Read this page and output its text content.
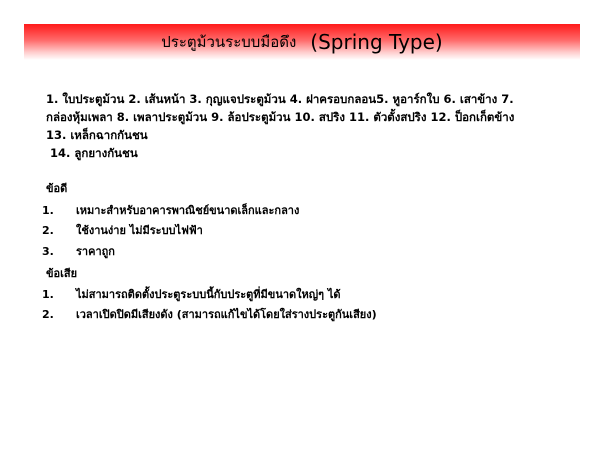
ประตูม้วนระบบมือดึง (Spring Type)
1. ใบประตูม้วน 2. เส้นหน้า 3. กุญแจประตูม้วน 4. ฝาครอบกลอน5. หูอาร์กใบ 6. เสาข้าง 7.
กล่องหุ้มเพลา 8. เพลาประตูม้วน 9. ล้อประตูม้วน 10. สปริง 11. ตัวตั้งสปริง 12. ป็อกเก็ตข้าง
13. เหล็กฉากกันชน
14. ลูกยางกันชน
ข้อดี
1. เหมาะสำหรับอาคารพาณิชย์ขนาดเล็กและกลาง
2. ใช้งานง่าย ไม่มีระบบไฟฟ้า
3. ราคาถูก
ข้อเสีย
1. ไม่สามารถติดตั้งประตูระบบนี้กับประตูที่มีขนาดใหญ่ๆ ได้
2. เวลาเปิดปิดมีเสียงดัง (สามารถแก้ไขได้โดยใส่รางประตูกันเสียง)
